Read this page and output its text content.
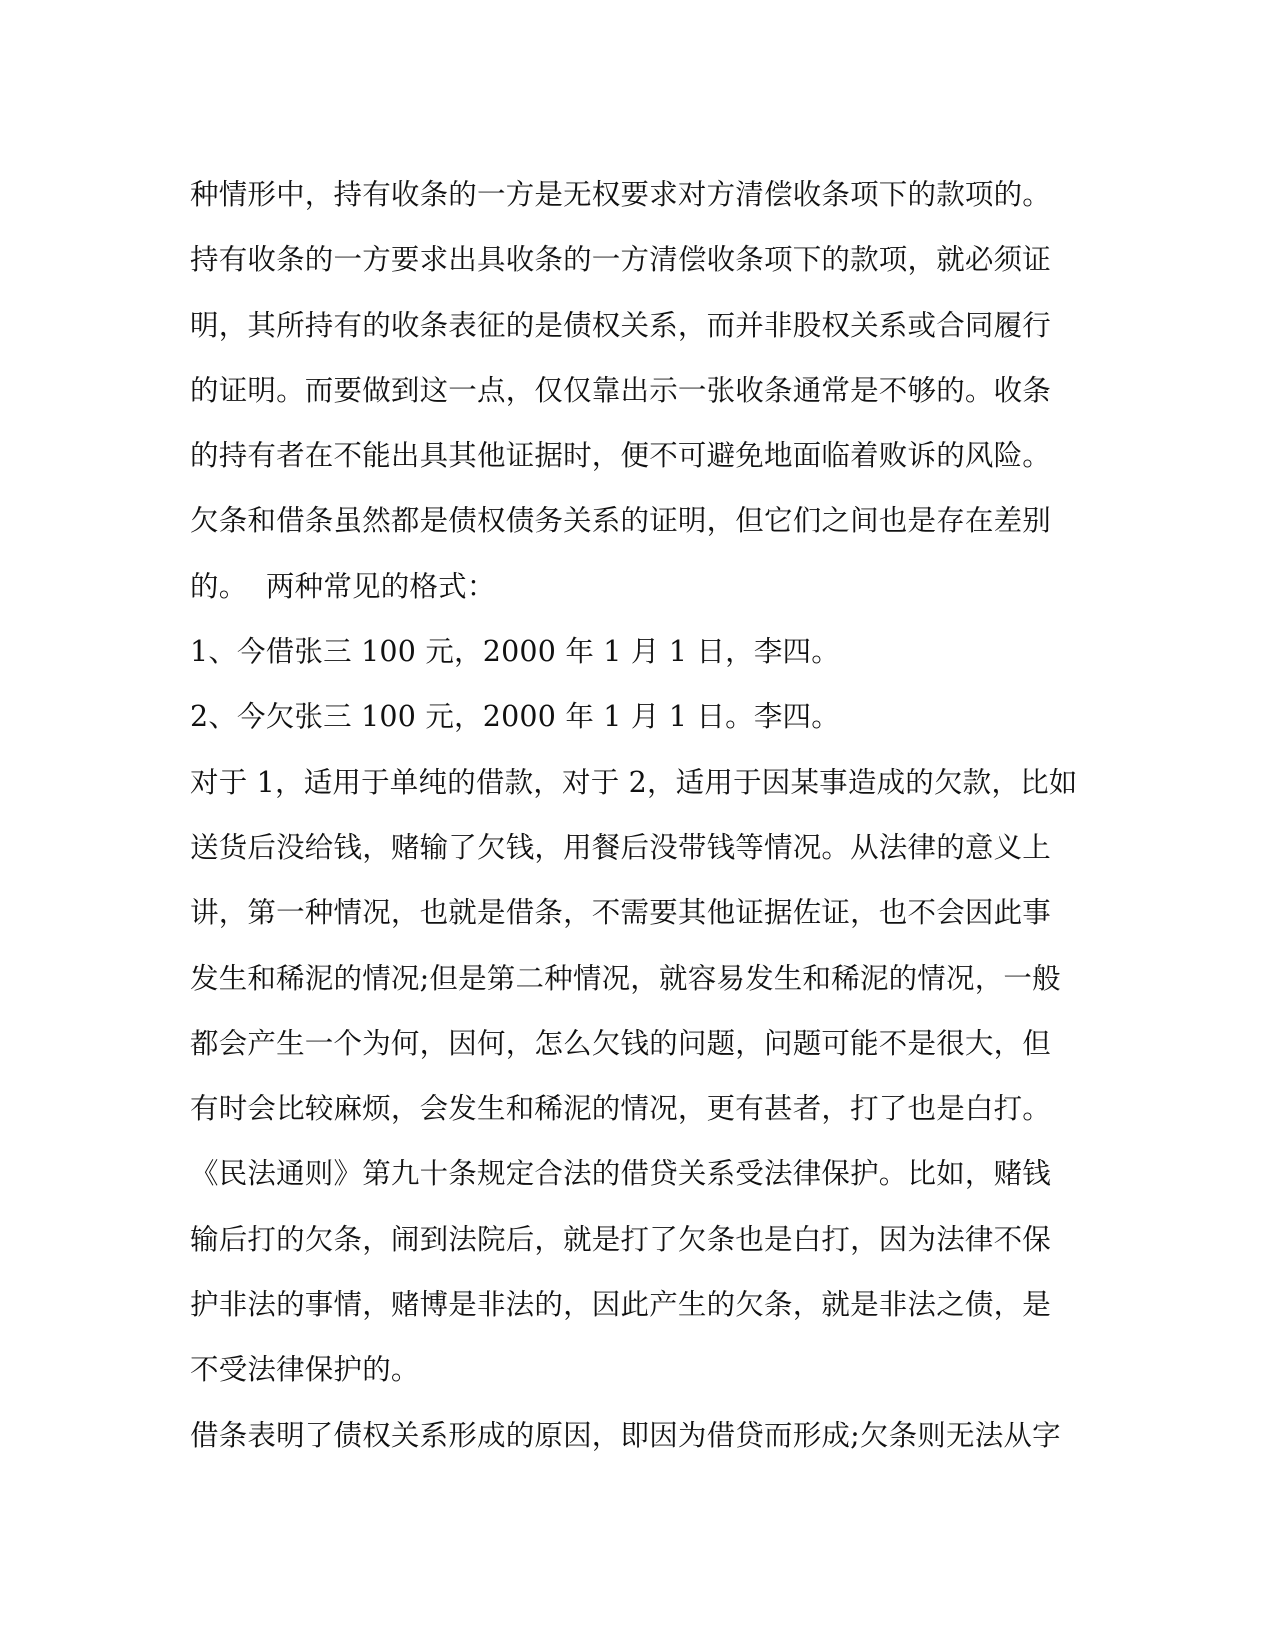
种情形中，持有收条的一方是无权要求对方清偿收条项下的款项的。
持有收条的一方要求出具收条的一方清偿收条项下的款项，就必须证
明，其所持有的收条表征的是债权关系，而并非股权关系或合同履行
的证明。而要做到这一点，仅仅靠出示一张收条通常是不够的。收条
的持有者在不能出具其他证据时，便不可避免地面临着败诉的风险。
欠条和借条虽然都是债权债务关系的证明，但它们之间也是存在差别
的。  两种常见的格式：
1、今借张三 100 元，2000 年 1 月 1 日，李四。
2、今欠张三 100 元，2000 年 1 月 1 日。李四。
对于 1，适用于单纯的借款，对于 2，适用于因某事造成的欠款，比如
送货后没给钱，赌输了欠钱，用餐后没带钱等情况。从法律的意义上
讲，第一种情况，也就是借条，不需要其他证据佐证，也不会因此事
发生和稀泥的情况;但是第二种情况，就容易发生和稀泥的情况，一般
都会产生一个为何，因何，怎么欠钱的问题，问题可能不是很大，但
有时会比较麻烦，会发生和稀泥的情况，更有甚者，打了也是白打。
《民法通则》第九十条规定合法的借贷关系受法律保护。比如，赌钱
输后打的欠条，闹到法院后，就是打了欠条也是白打，因为法律不保
护非法的事情，赌博是非法的，因此产生的欠条，就是非法之债，是
不受法律保护的。
借条表明了债权关系形成的原因，即因为借贷而形成;欠条则无法从字
